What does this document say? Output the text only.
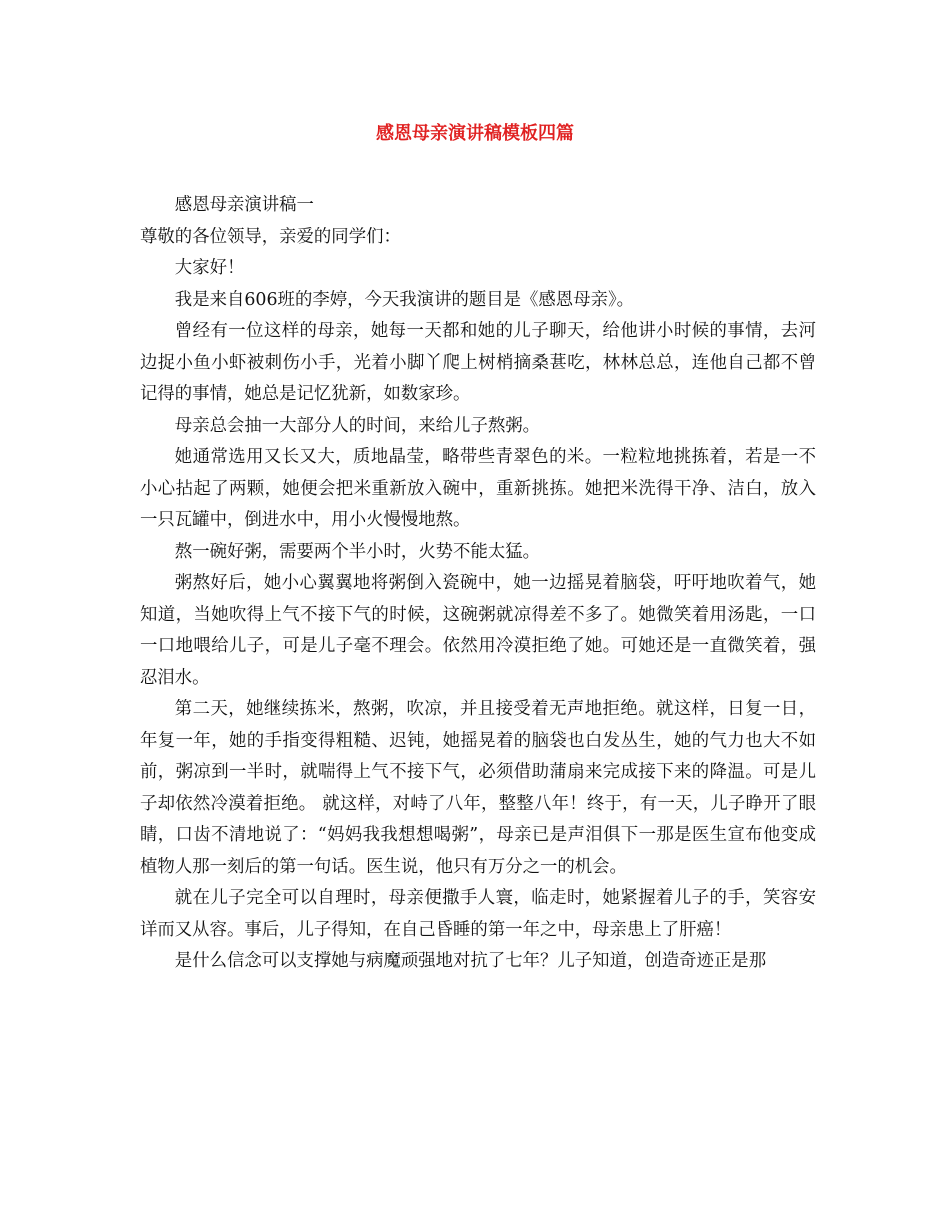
感恩母亲演讲稿模板四篇

感恩母亲演讲稿一

尊敬的各位领导，亲爱的同学们：

大家好！

我是来自606班的李婷，今天我演讲的题目是《感恩母亲》。

曾经有一位这样的母亲，她每一天都和她的儿子聊天，给他讲小时候的事情，去河边捉小鱼小虾被刺伤小手，光着小脚丫爬上树梢摘桑葚吃，林林总总，连他自己都不曾记得的事情，她总是记忆犹新，如数家珍。

母亲总会抽一大部分人的时间，来给儿子熬粥。

她通常选用又长又大，质地晶莹，略带些青翠色的米。一粒粒地挑拣着，若是一不小心拈起了两颗，她便会把米重新放入碗中，重新挑拣。她把米洗得干净、洁白，放入一只瓦罐中，倒进水中，用小火慢慢地熬。

熬一碗好粥，需要两个半小时，火势不能太猛。

粥熬好后，她小心翼翼地将粥倒入瓷碗中，她一边摇晃着脑袋，吁吁地吹着气，她知道，当她吹得上气不接下气的时候，这碗粥就凉得差不多了。她微笑着用汤匙，一口一口地喂给儿子，可是儿子毫不理会。依然用冷漠拒绝了她。可她还是一直微笑着，强忍泪水。

第二天，她继续拣米，熬粥，吹凉，并且接受着无声地拒绝。就这样，日复一日，年复一年，她的手指变得粗糙、迟钝，她摇晃着的脑袋也白发丛生，她的气力也大不如前，粥凉到一半时，就喘得上气不接下气，必须借助蒲扇来完成接下来的降温。可是儿子却依然冷漠着拒绝。 就这样，对峙了八年，整整八年！终于，有一天，儿子睁开了眼睛，口齿不清地说了：“妈妈我我想想喝粥”，母亲已是声泪俱下一那是医生宣布他变成植物人那一刻后的第一句话。医生说，他只有万分之一的机会。

就在儿子完全可以自理时，母亲便撒手人寰，临走时，她紧握着儿子的手，笑容安详而又从容。事后，儿子得知，在自己昏睡的第一年之中，母亲患上了肝癌！

是什么信念可以支撑她与病魔顽强地对抗了七年？儿子知道，创造奇迹正是那
